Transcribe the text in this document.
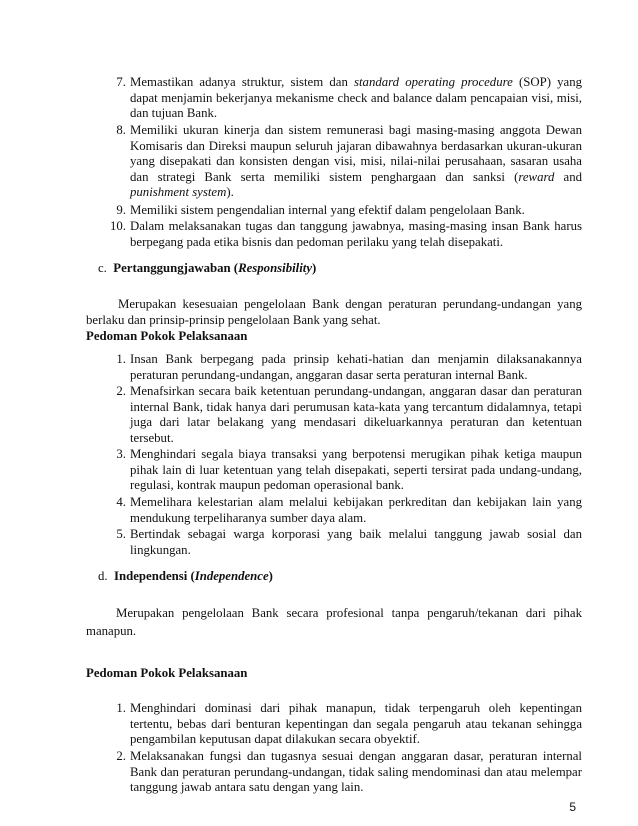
7. Memastikan adanya struktur, sistem dan standard operating procedure (SOP) yang dapat menjamin bekerjanya mekanisme check and balance dalam pencapaian visi, misi, dan tujuan Bank.

8. Memiliki ukuran kinerja dan sistem remunerasi bagi masing-masing anggota Dewan Komisaris dan Direksi maupun seluruh jajaran dibawahnya berdasarkan ukuran-ukuran yang disepakati dan konsisten dengan visi, misi, nilai-nilai perusahaan, sasaran usaha dan strategi Bank serta memiliki sistem penghargaan dan sanksi (reward and punishment system).

9. Memiliki sistem pengendalian internal yang efektif dalam pengelolaan Bank.

10. Dalam melaksanakan tugas dan tanggung jawabnya, masing-masing insan Bank harus berpegang pada etika bisnis dan pedoman perilaku yang telah disepakati.

c. Pertanggungjawaban (Responsibility)

Merupakan kesesuaian pengelolaan Bank dengan peraturan perundang-undangan yang berlaku dan prinsip-prinsip pengelolaan Bank yang sehat.

Pedoman Pokok Pelaksanaan
1. Insan Bank berpegang pada prinsip kehati-hatian dan menjamin dilaksanakannya peraturan perundang-undangan, anggaran dasar serta peraturan internal Bank.

2. Menafsirkan secara baik ketentuan perundang-undangan, anggaran dasar dan peraturan internal Bank, tidak hanya dari perumusan kata-kata yang tercantum didalamnya, tetapi juga dari latar belakang yang mendasari dikeluarkannya peraturan dan ketentuan tersebut.

3. Menghindari segala biaya transaksi yang berpotensi merugikan pihak ketiga maupun pihak lain di luar ketentuan yang telah disepakati, seperti tersirat pada undang-undang, regulasi, kontrak maupun pedoman operasional bank.

4. Memelihara kelestarian alam melalui kebijakan perkreditan dan kebijakan lain yang mendukung terpeliharanya sumber daya alam.

5. Bertindak sebagai warga korporasi yang baik melalui tanggung jawab sosial dan lingkungan.

d. Independensi (Independence)

Merupakan pengelolaan Bank secara profesional tanpa pengaruh/tekanan dari pihak manapun.

Pedoman Pokok Pelaksanaan
1. Menghindari dominasi dari pihak manapun, tidak terpengaruh oleh kepentingan tertentu, bebas dari benturan kepentingan dan segala pengaruh atau tekanan sehingga pengambilan keputusan dapat dilakukan secara obyektif.

2. Melaksanakan fungsi dan tugasnya sesuai dengan anggaran dasar, peraturan internal Bank dan peraturan perundang-undangan, tidak saling mendominasi dan atau melempar tanggung jawab antara satu dengan yang lain.

5
